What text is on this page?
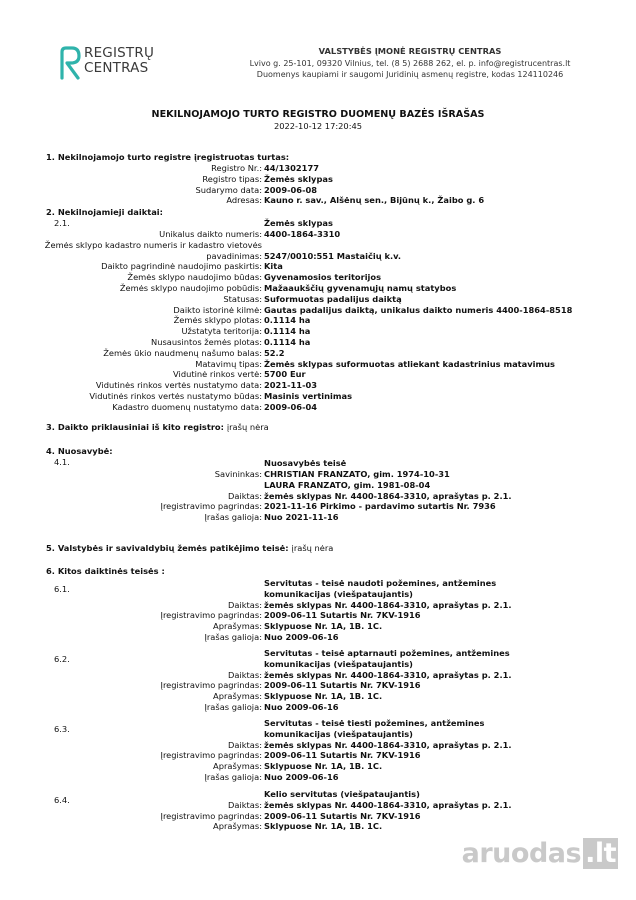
REGISTRŲ
CENTRAS
VALSTYBĖS ĮMONĖ REGISTRŲ CENTRAS
Lvivo g. 25-101, 09320 Vilnius, tel. (8 5) 2688 262, el. p. info@registrucentras.lt
Duomenys kaupiami ir saugomi Juridinių asmenų registre, kodas 124110246
NEKILNOJAMOJO TURTO REGISTRO DUOMENŲ BAZĖS IŠRAŠAS
2022-10-12 17:20:45
1. Nekilnojamojo turto registre įregistruotas turtas:
Registro Nr.: 44/1302177
Registro tipas: Žemės sklypas
Sudarymo data: 2009-06-08
Adresas: Kauno r. sav., Alšėnų sen., Bijūnų k., Žaibo g. 6
2. Nekilnojamieji daiktai:
2.1.	Žemės sklypas
Unikalus daikto numeris: 4400-1864-3310
Žemės sklypo kadastro numeris ir kadastro vietovės
pavadinimas: 5247/0010:551 Mastaičių k.v.
Daikto pagrindinė naudojimo paskirtis: Kita
Žemės sklypo naudojimo būdas: Gyvenamosios teritorijos
Žemės sklypo naudojimo pobūdis: Mažaaukščių gyvenamųjų namų statybos
Statusas: Suformuotas padalijus daiktą
Daikto istorinė kilmė: Gautas padalijus daiktą, unikalus daikto numeris 4400-1864-8518
Žemės sklypo plotas: 0.1114 ha
Užstatyta teritorija: 0.1114 ha
Nusausintos žemės plotas: 0.1114 ha
Žemės ūkio naudmenų našumo balas: 52.2
Matavimų tipas: Žemės sklypas suformuotas atliekant kadastrinius matavimus
Vidutinė rinkos vertė: 5700 Eur
Vidutinės rinkos vertės nustatymo data: 2021-11-03
Vidutinės rinkos vertės nustatymo būdas: Masinis vertinimas
Kadastro duomenų nustatymo data: 2009-06-04
3. Daikto priklausiniai iš kito registro: įrašų nėra
4. Nuosavybė:
4.1.	Nuosavybės teisė
Savininkas: CHRISTIAN FRANZATO, gim. 1974-10-31
LAURA FRANZATO, gim. 1981-08-04
Daiktas: žemės sklypas Nr. 4400-1864-3310, aprašytas p. 2.1.
Įregistravimo pagrindas: 2021-11-16 Pirkimo - pardavimo sutartis Nr. 7936
Įrašas galioja: Nuo 2021-11-16
5. Valstybės ir savivaldybių žemės patikėjimo teisė: įrašų nėra
6. Kitos daiktinės teisės :
6.1.
Servitutas - teisė naudoti požemines, antžemines komunikacijas (viešpataujantis)
Daiktas: žemės sklypas Nr. 4400-1864-3310, aprašytas p. 2.1.
Įregistravimo pagrindas: 2009-06-11 Sutartis Nr. 7KV-1916
Aprašymas: Sklypuose Nr. 1A, 1B. 1C.
Įrašas galioja: Nuo 2009-06-16
6.2.
Servitutas - teisė aptarnauti požemines, antžemines komunikacijas (viešpataujantis)
Daiktas: žemės sklypas Nr. 4400-1864-3310, aprašytas p. 2.1.
Įregistravimo pagrindas: 2009-06-11 Sutartis Nr. 7KV-1916
Aprašymas: Sklypuose Nr. 1A, 1B. 1C.
Įrašas galioja: Nuo 2009-06-16
6.3.
Servitutas - teisė tiesti požemines, antžemines komunikacijas (viešpataujantis)
Daiktas: žemės sklypas Nr. 4400-1864-3310, aprašytas p. 2.1.
Įregistravimo pagrindas: 2009-06-11 Sutartis Nr. 7KV-1916
Aprašymas: Sklypuose Nr. 1A, 1B. 1C.
Įrašas galioja: Nuo 2009-06-16
6.4.
Kelio servitutas (viešpataujantis)
Daiktas: žemės sklypas Nr. 4400-1864-3310, aprašytas p. 2.1.
Įregistravimo pagrindas: 2009-06-11 Sutartis Nr. 7KV-1916
Aprašymas: Sklypuose Nr. 1A, 1B. 1C.
aruodas .lt
